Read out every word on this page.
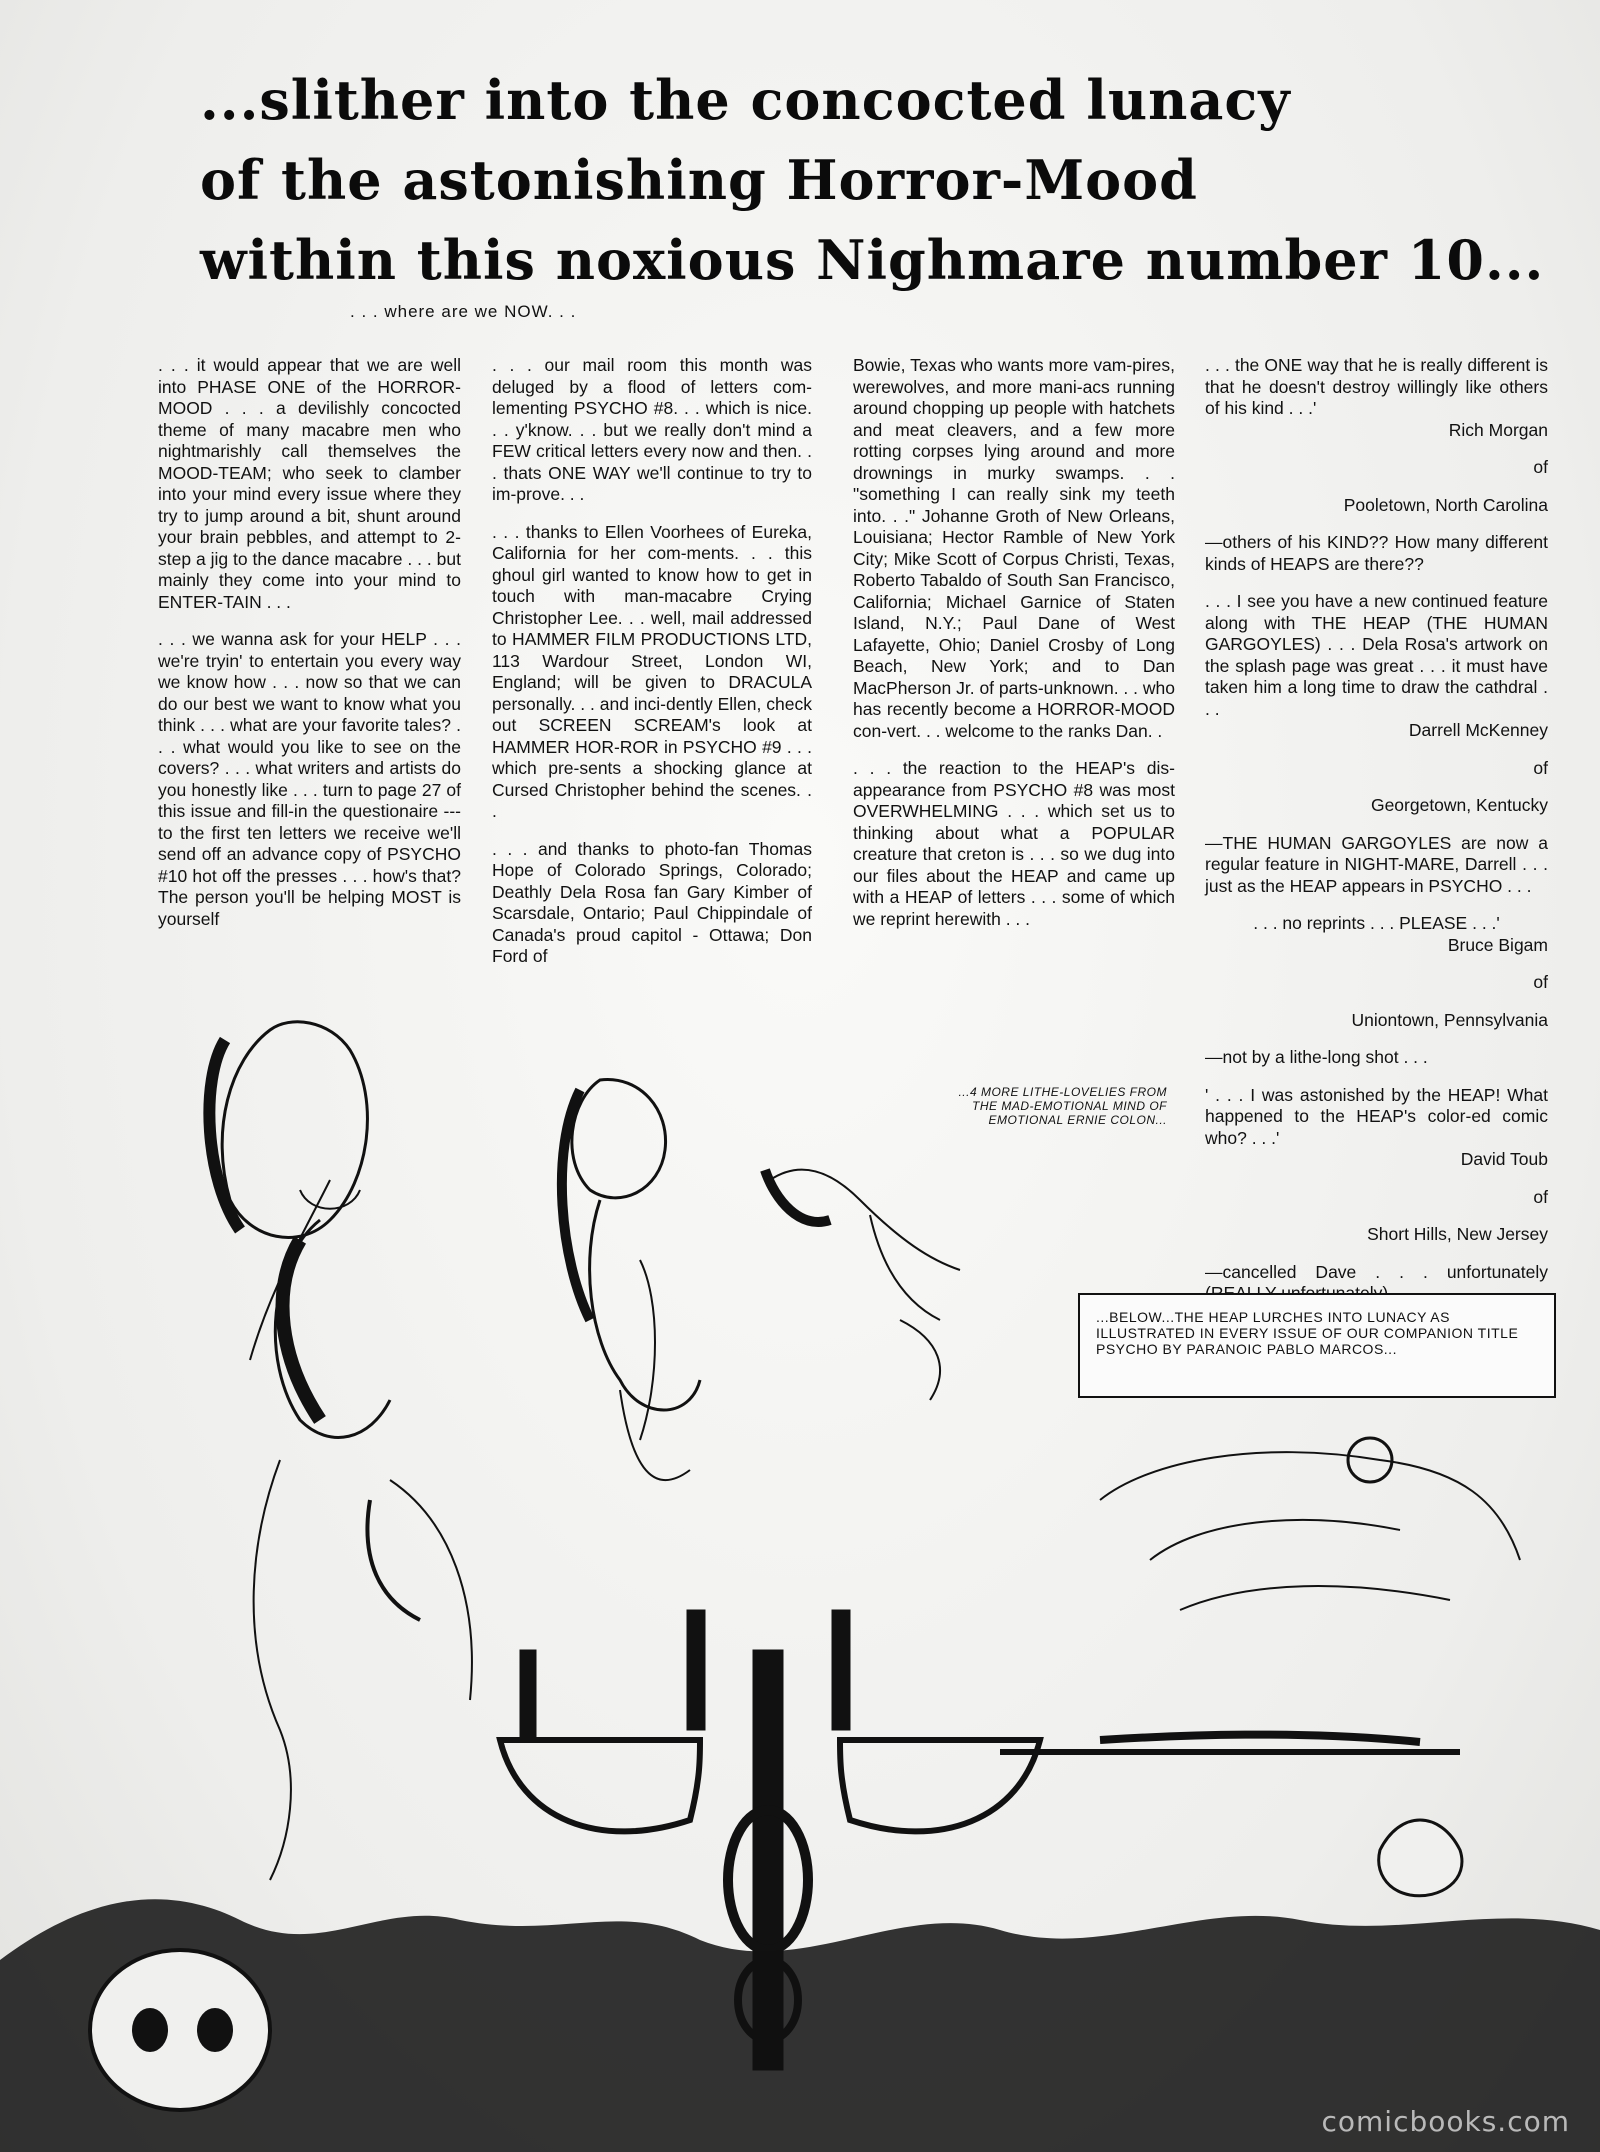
...slither into the concocted lunacy
of the astonishing Horror-Mood
within this noxious Nighmare number 10...
. . . where are we NOW. . .

. . . it would appear that we are well into PHASE ONE of the HORROR-MOOD . . . a devilishly concocted theme of many macabre men who nightmarishly call themselves the MOOD-TEAM; who seek to clamber into your mind every issue where they try to jump around a bit, shunt around your brain pebbles, and attempt to 2-step a jig to the dance macabre . . . but mainly they come into your mind to ENTER-TAIN . . .

. . . we wanna ask for your HELP . . . we're tryin' to entertain you every way we know how . . . now so that we can do our best we want to know what you think . . . what are your favorite tales? . . . what would you like to see on the covers? . . . what writers and artists do you honestly like . . . turn to page 27 of this issue and fill-in the questionaire --- to the first ten letters we receive we'll send off an advance copy of PSYCHO #10 hot off the presses . . . how's that? The person you'll be helping MOST is yourself

. . . our mail room this month was deluged by a flood of letters com-lementing PSYCHO #8. . . which is nice. . . y'know. . . but we really don't mind a FEW critical letters every now and then. . . thats ONE WAY we'll continue to try to im-prove. . .

. . . thanks to Ellen Voorhees of Eureka, California for her com-ments. . . this ghoul girl wanted to know how to get in touch with man-macabre Crying Christopher Lee. . . well, mail addressed to HAMMER FILM PRODUCTIONS LTD, 113 Wardour Street, London WI, England; will be given to DRACULA personally. . . and inci-dently Ellen, check out SCREEN SCREAM's look at HAMMER HOR-ROR in PSYCHO #9 . . . which pre-sents a shocking glance at Cursed Christopher behind the scenes. . .

. . . and thanks to photo-fan Thomas Hope of Colorado Springs, Colorado; Deathly Dela Rosa fan Gary Kimber of Scarsdale, Ontario; Paul Chippindale of Canada's proud capitol - Ottawa; Don Ford of

Bowie, Texas who wants more vam-pires, werewolves, and more mani-acs running around chopping up people with hatchets and meat cleavers, and a few more rotting corpses lying around and more drownings in murky swamps. . . "something I can really sink my teeth into. . ." Johanne Groth of New Orleans, Louisiana; Hector Ramble of New York City; Mike Scott of Corpus Christi, Texas, Roberto Tabaldo of South San Francisco, California; Michael Garnice of Staten Island, N.Y.; Paul Dane of West Lafayette, Ohio; Daniel Crosby of Long Beach, New York; and to Dan MacPherson Jr. of parts-unknown. . . who has recently become a HORROR-MOOD con-vert. . . welcome to the ranks Dan. .

. . . the reaction to the HEAP's dis-appearance from PSYCHO #8 was most OVERWHELMING . . . which set us to thinking about what a POPULAR creature that creton is . . . so we dug into our files about the HEAP and came up with a HEAP of letters . . . some of which we reprint herewith . . .

. . . the ONE way that he is really different is that he doesn't destroy willingly like others of his kind . . .'

Rich Morgan

of

Pooletown, North Carolina

—others of his KIND?? How many different kinds of HEAPS are there??

. . . I see you have a new continued feature along with THE HEAP (THE HUMAN GARGOYLES) . . . Dela Rosa's artwork on the splash page was great . . . it must have taken him a long time to draw the cathdral . . .

Darrell McKenney

of

Georgetown, Kentucky

—THE HUMAN GARGOYLES are now a regular feature in NIGHT-MARE, Darrell . . . just as the HEAP appears in PSYCHO . . .

. . . no reprints . . . PLEASE . . .'

Bruce Bigam

of

Uniontown, Pennsylvania

—not by a lithe-long shot . . .

' . . . I was astonished by the HEAP! What happened to the HEAP's color-ed comic who? . . .'

David Toub

of

Short Hills, New Jersey

—cancelled Dave . . . unfortunately

...4 MORE LITHE-LOVELIES FROM THE MAD-EMOTIONAL MIND OF EMOTIONAL ERNIE COLON...
...BELOW...THE HEAP LURCHES INTO LUNACY AS ILLUSTRATED IN EVERY ISSUE OF OUR COMPANION TITLE PSYCHO BY PARANOIC PABLO MARCOS...
comicbooks.com
